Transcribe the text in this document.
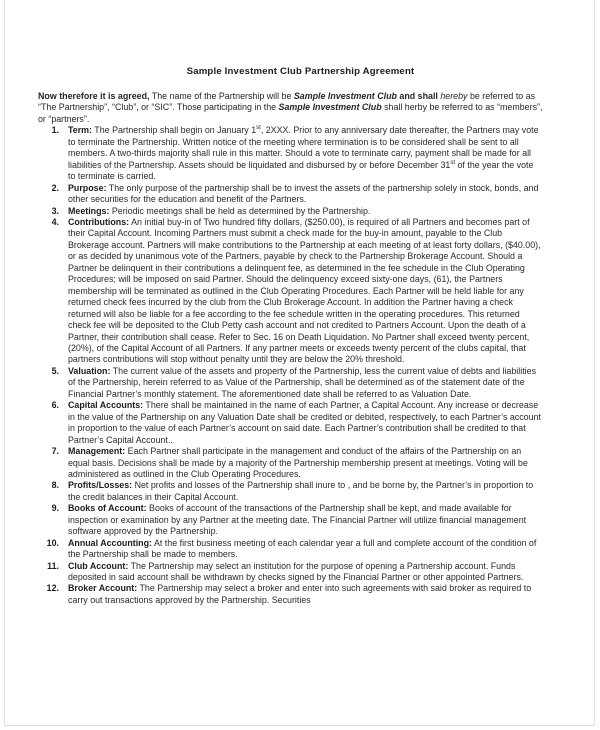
Sample Investment Club Partnership Agreement

Now therefore it is agreed, The name of the Partnership will be Sample Investment Club and shall hereby be referred to as “The Partnership”, “Club”, or “SIC”. Those participating in the Sample Investment Club shall herby be referred to as “members”, or “partners”.

1. Term: The Partnership shall begin on January 1st, 2XXX. Prior to any anniversary date thereafter, the Partners may vote to terminate the Partnership. Written notice of the meeting where termination is to be considered shall be sent to all members. A two-thirds majority shall rule in this matter. Should a vote to terminate carry, payment shall be made for all liabilities of the Partnership. Assets should be liquidated and disbursed by or before December 31st of the year the vote to terminate is carried.
2. Purpose: The only purpose of the partnership shall be to invest the assets of the partnership solely in stock, bonds, and other securities for the education and benefit of the Partners.
3. Meetings: Periodic meetings shall be held as determined by the Partnership.
4. Contributions: An initial buy-in of Two hundred fifty dollars, ($250.00), is required of all Partners and becomes part of their Capital Account. Incoming Partners must submit a check made for the buy-in amount, payable to the Club Brokerage account. Partners will make contributions to the Partnership at each meeting of at least forty dollars, ($40.00), or as decided by unanimous vote of the Partners, payable by check to the Partnership Brokerage Account. Should a Partner be delinquent in their contributions a delinquent fee, as determined in the fee schedule in the Club Operating Procedures; will be imposed on said Partner. Should the delinquency exceed sixty-one days, (61), the Partners membership will be terminated as outlined in the Club Operating Procedures. Each Partner will be held liable for any returned check fees incurred by the club from the Club Brokerage Account. In addition the Partner having a check returned will also be liable for a fee according to the fee schedule written in the operating procedures. This returned check fee will be deposited to the Club Petty cash account and not credited to Partners Account. Upon the death of a Partner, their contribution shall cease. Refer to Sec. 16 on Death Liquidation. No Partner shall exceed twenty percent, (20%), of the Capital Account of all Partners. If any partner meets or exceeds twenty percent of the clubs capital, that partners contributions will stop without penalty until they are below the 20% threshold.
5. Valuation: The current value of the assets and property of the Partnership, less the current value of debts and liabilities of the Partnership, herein referred to as Value of the Partnership, shall be determined as of the statement date of the Financial Partner’s monthly statement. The aforementioned date shall be referred to as Valuation Date.
6. Capital Accounts: There shall be maintained in the name of each Partner, a Capital Account. Any increase or decrease in the value of the Partnership on any Valuation Date shall be credited or debited, respectively, to each Partner’s account in proportion to the value of each Partner’s account on said date. Each Partner’s contribution shall be credited to that Partner’s Capital Account..
7. Management: Each Partner shall participate in the management and conduct of the affairs of the Partnership on an equal basis. Decisions shall be made by a majority of the Partnership membership present at meetings. Voting will be administered as outlined in the Club Operating Procedures.
8. Profits/Losses: Net profits and losses of the Partnership shall inure to , and be borne by, the Partner’s in proportion to the credit balances in their Capital Account.
9. Books of Account: Books of account of the transactions of the Partnership shall be kept, and made available for inspection or examination by any Partner at the meeting date. The Financial Partner will utilize financial management software approved by the Partnership.
10. Annual Accounting: At the first business meeting of each calendar year a full and complete account of the condition of the Partnership shall be made to members.
11. Club Account: The Partnership may select an institution for the purpose of opening a Partnership account. Funds deposited in said account shall be withdrawn by checks signed by the Financial Partner or other appointed Partners.
12. Broker Account: The Partnership may select a broker and enter into such agreements with said broker as required to carry out transactions approved by the Partnership. Securities
